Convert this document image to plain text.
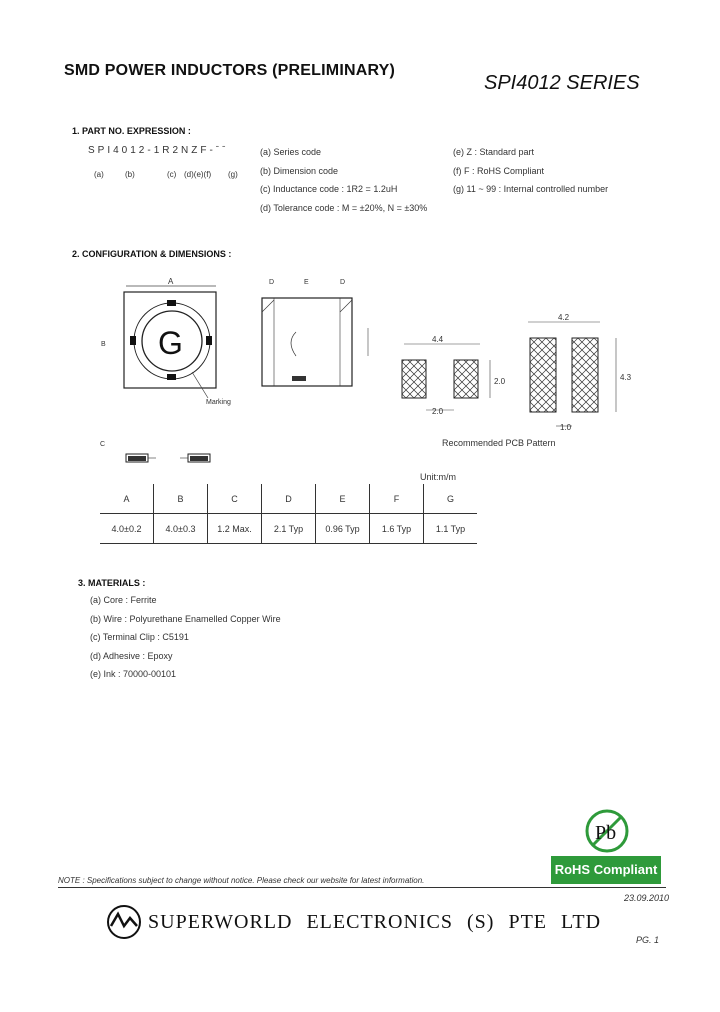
SMD POWER INDUCTORS (PRELIMINARY)
SPI4012 SERIES
1. PART NO. EXPRESSION :
SPI4012-1R2NZF-ˉˉ
(a)	(b)	(c) (d)(e)(f) (g)
(a) Series code
(b) Dimension code
(c) Inductance code : 1R2 = 1.2uH
(d) Tolerance code : M = ±20%, N = ±30%
(e) Z : Standard part
(f) F : RoHS Compliant
(g) 11 ~ 99 : Internal controlled number
2. CONFIGURATION & DIMENSIONS :
A
B G
Marking
D	E	D
C
4.4
2.0
2.0
4.2
4.3
1.0
Recommended PCB Pattern
Unit:m/m
A	B	C	D	E	F	G
4.0±0.2	4.0±0.3	1.2 Max.	2.1 Typ	0.96 Typ	1.6 Typ	1.1 Typ
3. MATERIALS :
(a) Core : Ferrite
(b) Wire : Polyurethane Enamelled Copper Wire
(c) Terminal Clip : C5191
(d) Adhesive : Epoxy
(e) Ink : 70000-00101
Pb
RoHS Compliant
NOTE : Specifications subject to change without notice. Please check our website for latest information.
23.09.2010
SUPERWORLD ELECTRONICS (S) PTE LTD
PG. 1
